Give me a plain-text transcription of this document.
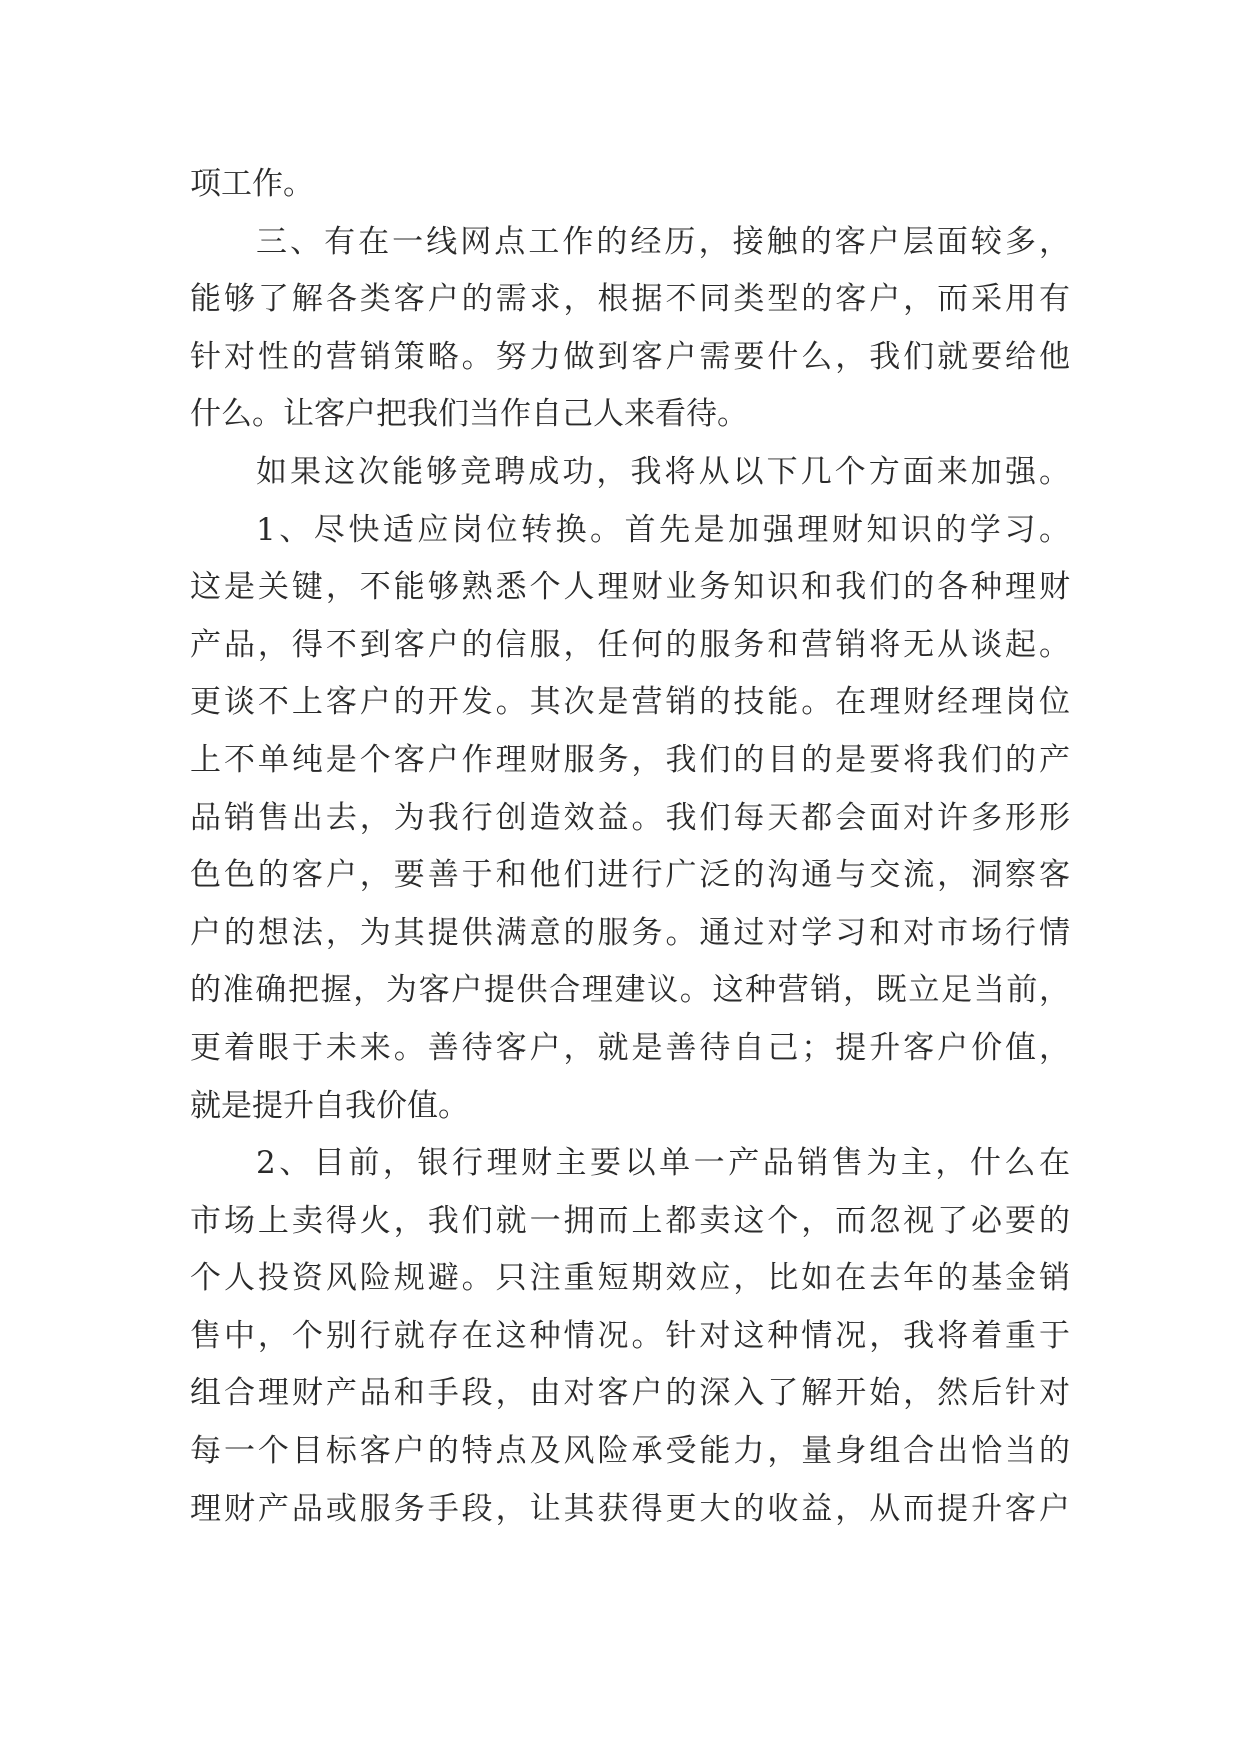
项工作。
三、有在一线网点工作的经历，接触的客户层面较多，
能够了解各类客户的需求，根据不同类型的客户，而采用有
针对性的营销策略。努力做到客户需要什么，我们就要给他
什么。让客户把我们当作自己人来看待。
如果这次能够竞聘成功，我将从以下几个方面来加强。
1、尽快适应岗位转换。首先是加强理财知识的学习。
这是关键，不能够熟悉个人理财业务知识和我们的各种理财
产品，得不到客户的信服，任何的服务和营销将无从谈起。
更谈不上客户的开发。其次是营销的技能。在理财经理岗位
上不单纯是个客户作理财服务，我们的目的是要将我们的产
品销售出去，为我行创造效益。我们每天都会面对许多形形
色色的客户，要善于和他们进行广泛的沟通与交流，洞察客
户的想法，为其提供满意的服务。通过对学习和对市场行情
的准确把握，为客户提供合理建议。这种营销，既立足当前，
更着眼于未来。善待客户，就是善待自己；提升客户价值，
就是提升自我价值。
2、目前，银行理财主要以单一产品销售为主，什么在
市场上卖得火，我们就一拥而上都卖这个，而忽视了必要的
个人投资风险规避。只注重短期效应，比如在去年的基金销
售中，个别行就存在这种情况。针对这种情况，我将着重于
组合理财产品和手段，由对客户的深入了解开始，然后针对
每一个目标客户的特点及风险承受能力，量身组合出恰当的
理财产品或服务手段，让其获得更大的收益，从而提升客户
